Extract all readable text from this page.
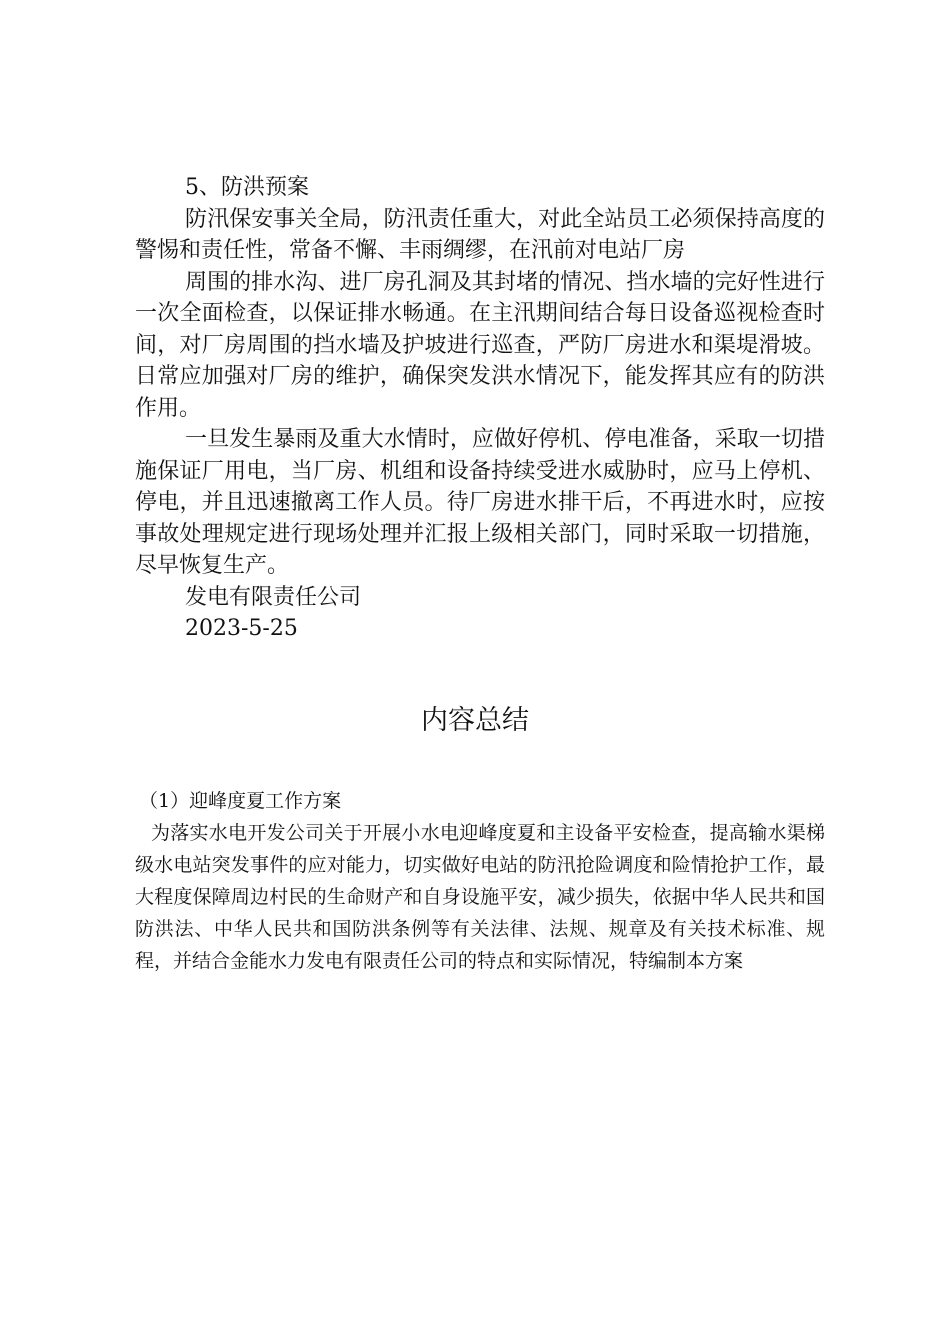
5、防洪预案

防汛保安事关全局，防汛责任重大，对此全站员工必须保持高度的警惕和责任性，常备不懈、丰雨绸缪，在汛前对电站厂房

周围的排水沟、进厂房孔洞及其封堵的情况、挡水墙的完好性进行一次全面检查，以保证排水畅通。在主汛期间结合每日设备巡视检查时间，对厂房周围的挡水墙及护坡进行巡查，严防厂房进水和渠堤滑坡。日常应加强对厂房的维护，确保突发洪水情况下，能发挥其应有的防洪作用。

一旦发生暴雨及重大水情时，应做好停机、停电准备，采取一切措施保证厂用电，当厂房、机组和设备持续受进水威胁时，应马上停机、停电，并且迅速撤离工作人员。待厂房进水排干后，不再进水时，应按事故处理规定进行现场处理并汇报上级相关部门，同时采取一切措施，尽早恢复生产。

发电有限责任公司

2023-5-25

内容总结

（1）迎峰度夏工作方案

为落实水电开发公司关于开展小水电迎峰度夏和主设备平安检查，提高输水渠梯级水电站突发事件的应对能力，切实做好电站的防汛抢险调度和险情抢护工作，最大程度保障周边村民的生命财产和自身设施平安，减少损失，依据中华人民共和国防洪法、中华人民共和国防洪条例等有关法律、法规、规章及有关技术标准、规程，并结合金能水力发电有限责任公司的特点和实际情况，特编制本方案
